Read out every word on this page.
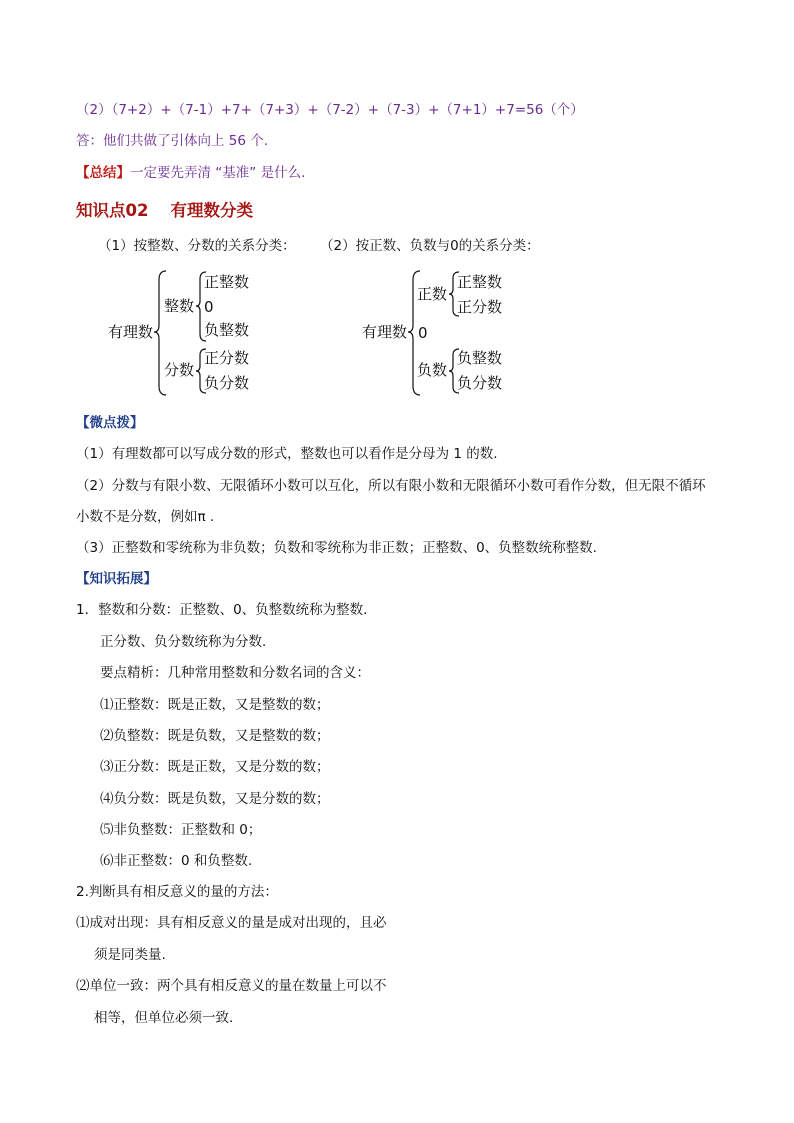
（2）（7+2）+（7-1）+7+（7+3）+（7-2）+（7-3）+（7+1）+7=56（个）
答：他们共做了引体向上 56 个.
【总结】一定要先弄清 “基准” 是什么.
知识点02 有理数分类
（1）按整数、分数的关系分类： （2）按正数、负数与0的关系分类：
有理数
整数
正整数
0
负整数
分数
正分数
负分数
有理数
正数
正整数
正分数
0
负数
负整数
负分数
【微点拨】
（1）有理数都可以写成分数的形式，整数也可以看作是分母为 1 的数.
（2）分数与有限小数、无限循环小数可以互化，所以有限小数和无限循环小数可看作分数，但无限不循环
小数不是分数，例如π .
（3）正整数和零统称为非负数；负数和零统称为非正数；正整数、0、负整数统称整数.
【知识拓展】
1．整数和分数：正整数、0、负整数统称为整数.
正分数、负分数统称为分数.
要点精析：几种常用整数和分数名词的含义：
⑴正整数：既是正数，又是整数的数；
⑵负整数：既是负数，又是整数的数；
⑶正分数：既是正数，又是分数的数；
⑷负分数：既是负数，又是分数的数；
⑸非负整数：正整数和 0；
⑹非正整数：0 和负整数.
2.判断具有相反意义的量的方法：
⑴成对出现：具有相反意义的量是成对出现的，且必
须是同类量.
⑵单位一致：两个具有相反意义的量在数量上可以不
相等，但单位必须一致.
